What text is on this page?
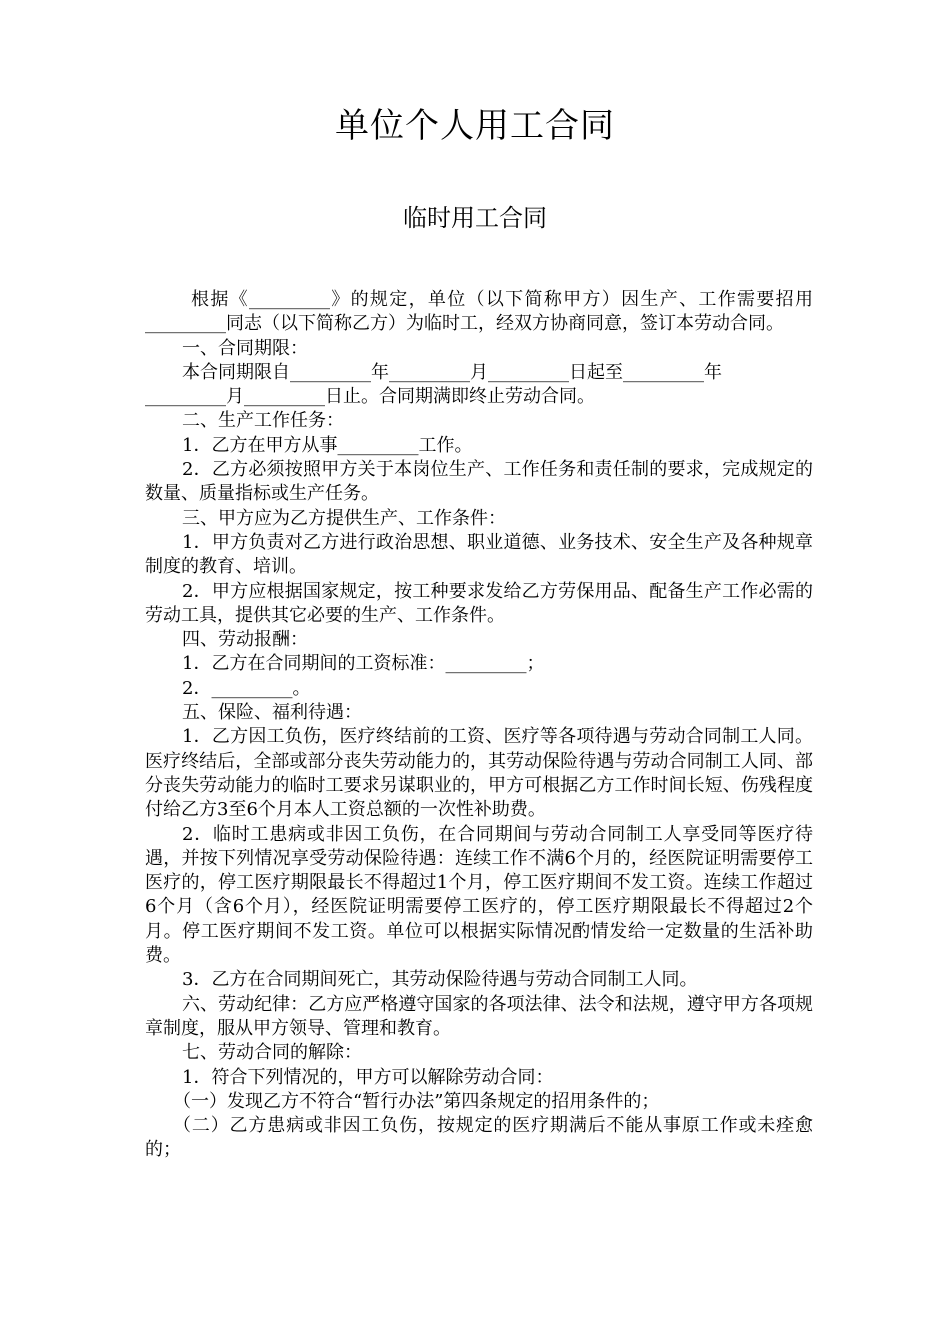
单位个人用工合同
临时用工合同

根据《_________》的规定，单位（以下简称甲方）因生产、工作需要招用_________同志（以下简称乙方）为临时工，经双方协商同意，签订本劳动合同。

一、合同期限：

本合同期限自_________年_________月_________日起至_________年

_________月_________日止。合同期满即终止劳动合同。

二、生产工作任务：

1．乙方在甲方从事_________工作。

2．乙方必须按照甲方关于本岗位生产、工作任务和责任制的要求，完成规定的数量、质量指标或生产任务。

三、甲方应为乙方提供生产、工作条件：

1．甲方负责对乙方进行政治思想、职业道德、业务技术、安全生产及各种规章制度的教育、培训。

2．甲方应根据国家规定，按工种要求发给乙方劳保用品、配备生产工作必需的劳动工具，提供其它必要的生产、工作条件。

四、劳动报酬：

1．乙方在合同期间的工资标准：_________；

2．_________。

五、保险、福利待遇：

1．乙方因工负伤，医疗终结前的工资、医疗等各项待遇与劳动合同制工人同。医疗终结后，全部或部分丧失劳动能力的，其劳动保险待遇与劳动合同制工人同、部分丧失劳动能力的临时工要求另谋职业的，甲方可根据乙方工作时间长短、伤残程度付给乙方3至6个月本人工资总额的一次性补助费。

2．临时工患病或非因工负伤，在合同期间与劳动合同制工人享受同等医疗待遇，并按下列情况享受劳动保险待遇：连续工作不满6个月的，经医院证明需要停工医疗的，停工医疗期限最长不得超过1个月，停工医疗期间不发工资。连续工作超过6个月（含6个月），经医院证明需要停工医疗的，停工医疗期限最长不得超过2个月。停工医疗期间不发工资。单位可以根据实际情况酌情发给一定数量的生活补助费。

3．乙方在合同期间死亡，其劳动保险待遇与劳动合同制工人同。

六、劳动纪律：乙方应严格遵守国家的各项法律、法令和法规，遵守甲方各项规章制度，服从甲方领导、管理和教育。

七、劳动合同的解除：

1．符合下列情况的，甲方可以解除劳动合同：

（一）发现乙方不符合“暂行办法”第四条规定的招用条件的；

（二）乙方患病或非因工负伤，按规定的医疗期满后不能从事原工作或未痊愈的；
